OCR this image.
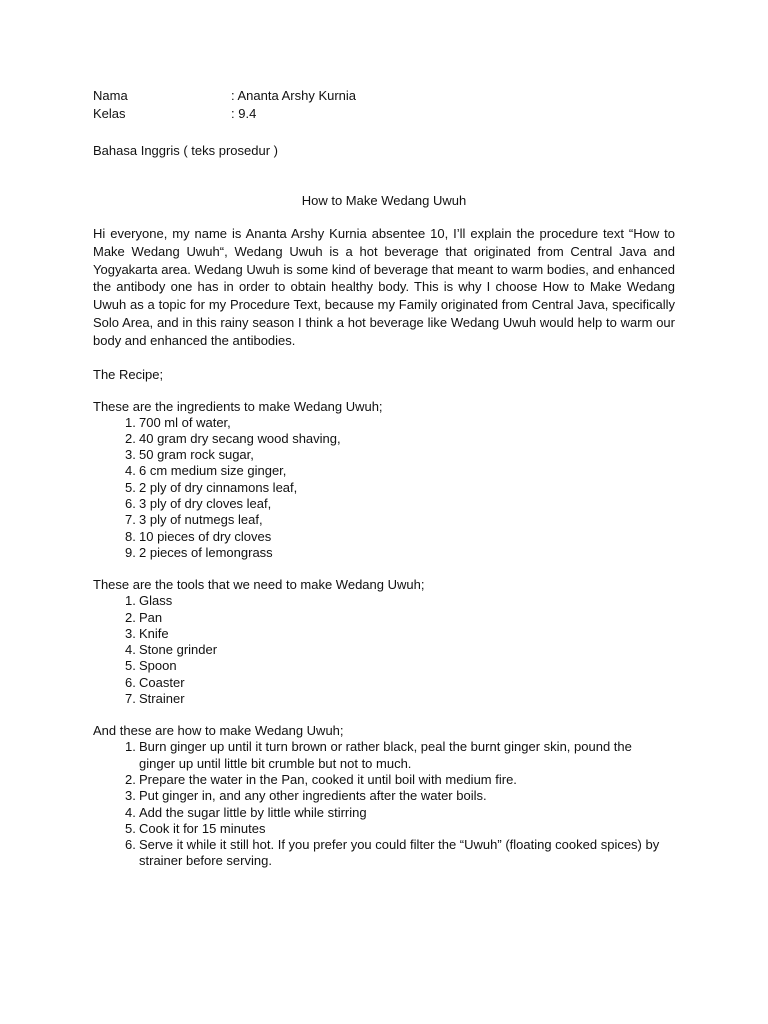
Nama	: Ananta Arshy Kurnia
Kelas	: 9.4
Bahasa Inggris ( teks prosedur )
How to Make Wedang Uwuh
Hi everyone, my name is Ananta Arshy Kurnia absentee 10, I’ll explain the procedure text “How to Make Wedang Uwuh“, Wedang Uwuh is a hot beverage that originated from Central Java and Yogyakarta area. Wedang Uwuh is some kind of beverage that meant to warm bodies, and enhanced the antibody one has in order to obtain healthy body. This is why I choose How to Make Wedang Uwuh as a topic for my Procedure Text, because my Family originated from Central Java, specifically Solo Area, and in this rainy season I think a hot beverage like Wedang Uwuh would help to warm our body and enhanced the antibodies.
The Recipe;
These are the ingredients to make Wedang Uwuh;
1. 700 ml of water,
2. 40 gram dry secang wood shaving,
3. 50 gram rock sugar,
4. 6 cm medium size ginger,
5. 2 ply of dry cinnamons leaf,
6. 3 ply of dry cloves leaf,
7. 3 ply of nutmegs leaf,
8. 10 pieces of dry cloves
9. 2 pieces of lemongrass
These are the tools that we need to make Wedang Uwuh;
1. Glass
2. Pan
3. Knife
4. Stone grinder
5. Spoon
6. Coaster
7. Strainer
And these are how to make Wedang Uwuh;
1. Burn ginger up until it turn brown or rather black, peal the burnt ginger skin, pound the ginger up until little bit crumble but not to much.
2. Prepare the water in the Pan, cooked it until boil with medium fire.
3. Put ginger in, and any other ingredients after the water boils.
4. Add the sugar little by little while stirring
5. Cook it for 15 minutes
6. Serve it while it still hot. If you prefer you could filter the “Uwuh” (floating cooked spices) by strainer before serving.
